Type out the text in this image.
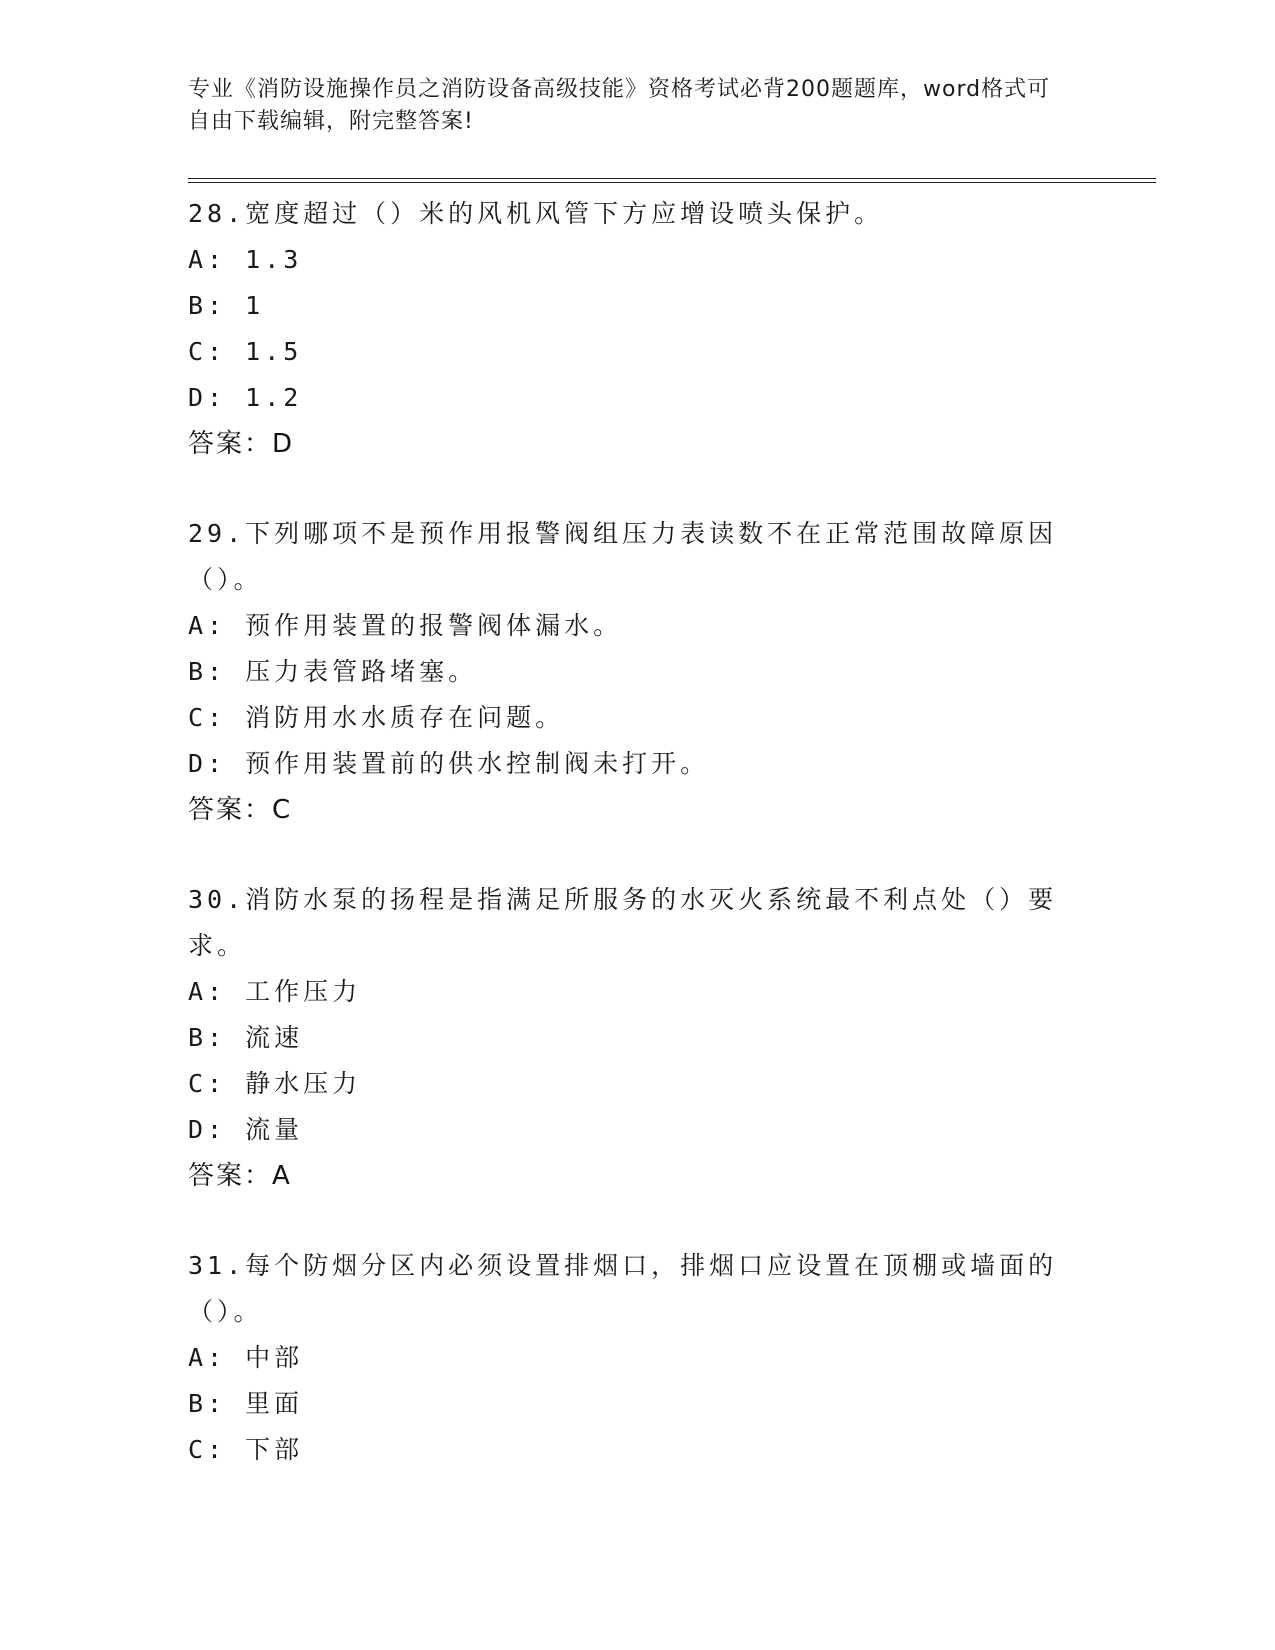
专业《消防设施操作员之消防设备高级技能》资格考试必背200题题库，word格式可自由下载编辑，附完整答案!
28.宽度超过（）米的风机风管下方应增设喷头保护。
A: 1.3
B: 1
C: 1.5
D: 1.2
答案：D
29.下列哪项不是预作用报警阀组压力表读数不在正常范围故障原因（）。
A: 预作用装置的报警阀体漏水。
B: 压力表管路堵塞。
C: 消防用水水质存在问题。
D: 预作用装置前的供水控制阀未打开。
答案：C
30.消防水泵的扬程是指满足所服务的水灭火系统最不利点处（）要求。
A: 工作压力
B: 流速
C: 静水压力
D: 流量
答案：A
31.每个防烟分区内必须设置排烟口，排烟口应设置在顶棚或墙面的（）。
A: 中部
B: 里面
C: 下部
